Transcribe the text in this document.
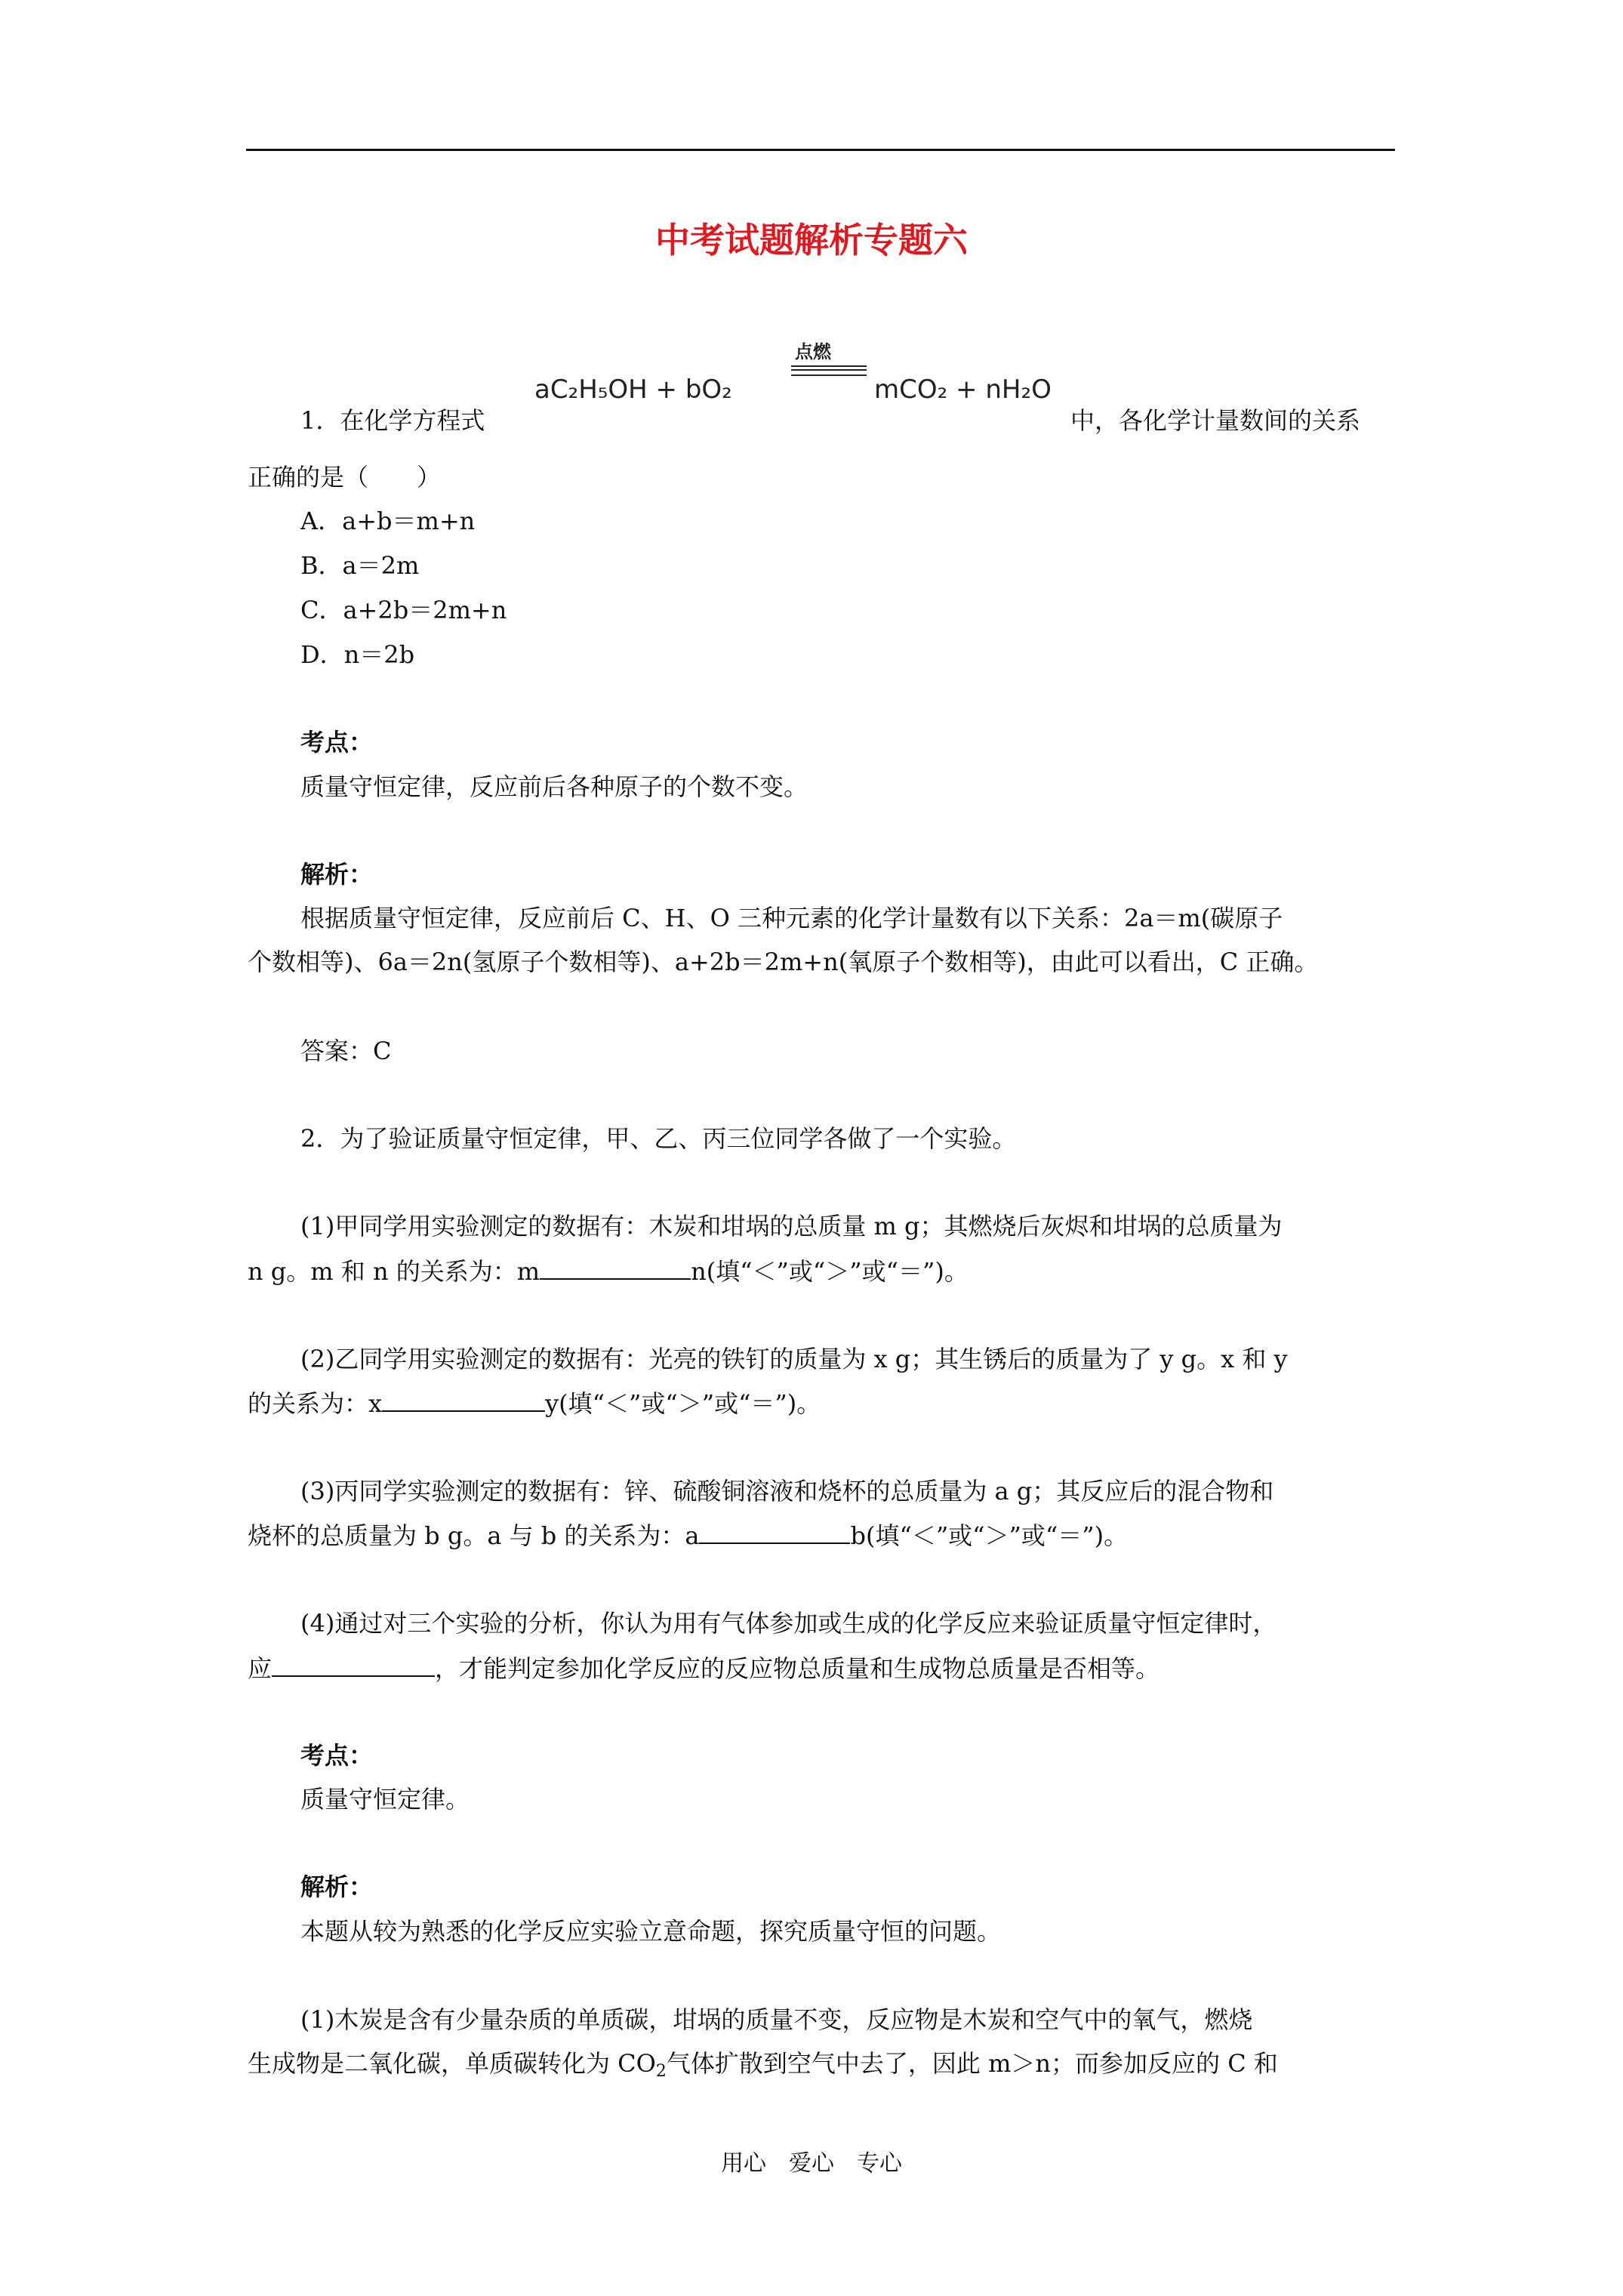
中考试题解析专题六
1．在化学方程式
点燃
aC₂H₅OH + bO₂	mCO₂ + nH₂O
中，各化学计量数间的关系
正确的是（　　）
A．a+b＝m+n
B．a＝2m
C．a+2b＝2m+n
D．n＝2b
考点：
质量守恒定律，反应前后各种原子的个数不变。
解析：
根据质量守恒定律，反应前后 C、H、O 三种元素的化学计量数有以下关系：2a＝m(碳原子
个数相等)、6a＝2n(氢原子个数相等)、a+2b＝2m+n(氧原子个数相等)，由此可以看出，C 正确。
答案：C
2．为了验证质量守恒定律，甲、乙、丙三位同学各做了一个实验。
(1)甲同学用实验测定的数据有：木炭和坩埚的总质量 m g；其燃烧后灰烬和坩埚的总质量为
n g。m 和 n 的关系为：m	n(填“＜”或“＞”或“＝”)。
(2)乙同学用实验测定的数据有：光亮的铁钉的质量为 x g；其生锈后的质量为了 y g。x 和 y
的关系为：x	y(填“＜”或“＞”或“＝”)。
(3)丙同学实验测定的数据有：锌、硫酸铜溶液和烧杯的总质量为 a g；其反应后的混合物和
烧杯的总质量为 b g。a 与 b 的关系为：a	b(填“＜”或“＞”或“＝”)。
(4)通过对三个实验的分析，你认为用有气体参加或生成的化学反应来验证质量守恒定律时，
应	，才能判定参加化学反应的反应物总质量和生成物总质量是否相等。
考点：
质量守恒定律。
解析：
本题从较为熟悉的化学反应实验立意命题，探究质量守恒的问题。
(1)木炭是含有少量杂质的单质碳，坩埚的质量不变，反应物是木炭和空气中的氧气，燃烧
生成物是二氧化碳，单质碳转化为 $CO_2$气体扩散到空气中去了，因此 m＞n；而参加反应的 C 和
用心　爱心　专心
